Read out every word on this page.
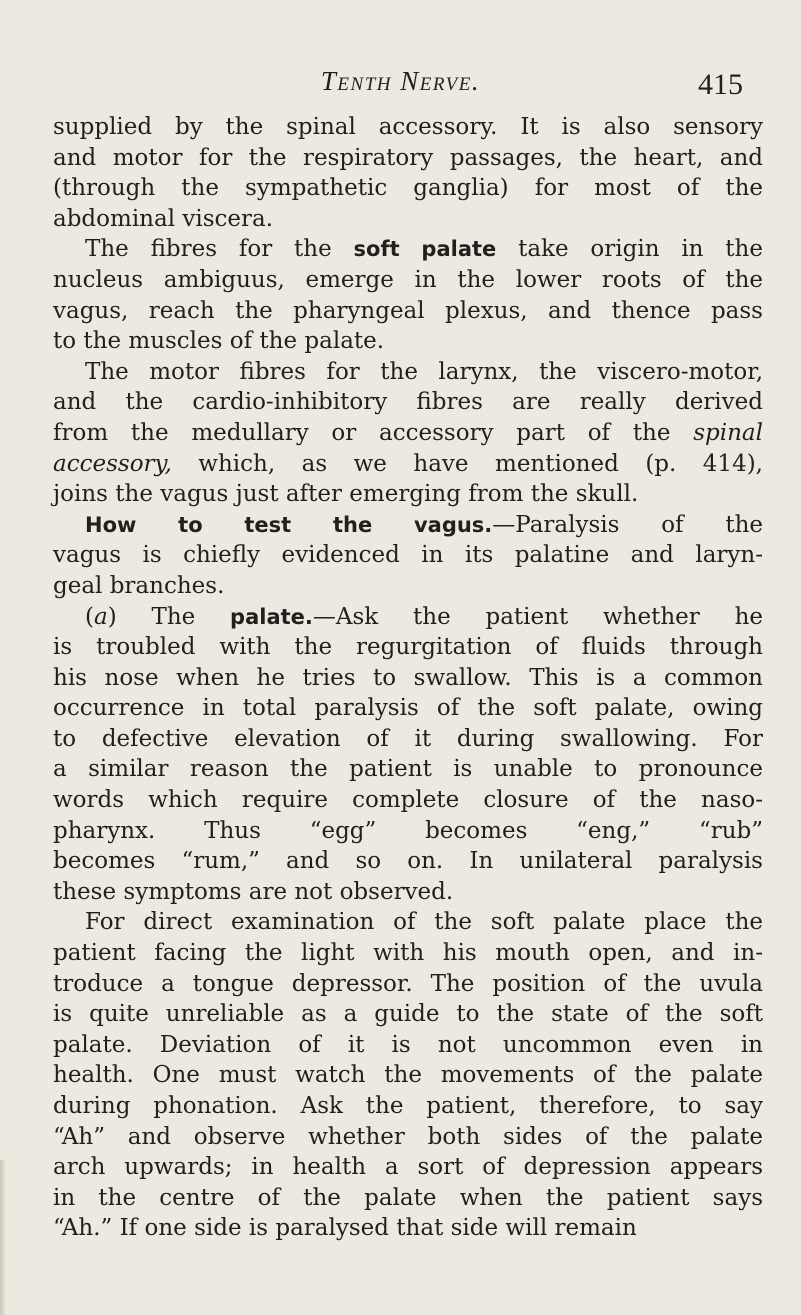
Tenth Nerve.	415
supplied by the spinal accessory. It is also sensory
and motor for the respiratory passages, the heart, and
(through the sympathetic ganglia) for most of the
abdominal viscera.
The fibres for the soft palate take origin in the
nucleus ambiguus, emerge in the lower roots of the
vagus, reach the pharyngeal plexus, and thence pass
to the muscles of the palate.
The motor fibres for the larynx, the viscero-motor,
and the cardio-inhibitory fibres are really derived
from the medullary or accessory part of the spinal
accessory, which, as we have mentioned (p. 414),
joins the vagus just after emerging from the skull.
How to test the vagus.—Paralysis of the
vagus is chiefly evidenced in its palatine and laryn-
geal branches.
(a) The palate.—Ask the patient whether he
is troubled with the regurgitation of fluids through
his nose when he tries to swallow. This is a common
occurrence in total paralysis of the soft palate, owing
to defective elevation of it during swallowing. For
a similar reason the patient is unable to pronounce
words which require complete closure of the naso-
pharynx. Thus “egg” becomes “eng,” “rub”
becomes “rum,” and so on. In unilateral paralysis
these symptoms are not observed.
For direct examination of the soft palate place the
patient facing the light with his mouth open, and in-
troduce a tongue depressor. The position of the uvula
is quite unreliable as a guide to the state of the soft
palate. Deviation of it is not uncommon even in
health. One must watch the movements of the palate
during phonation. Ask the patient, therefore, to say
“Ah” and observe whether both sides of the palate
arch upwards; in health a sort of depression appears
in the centre of the palate when the patient says
“Ah.” If one side is paralysed that side will remain
